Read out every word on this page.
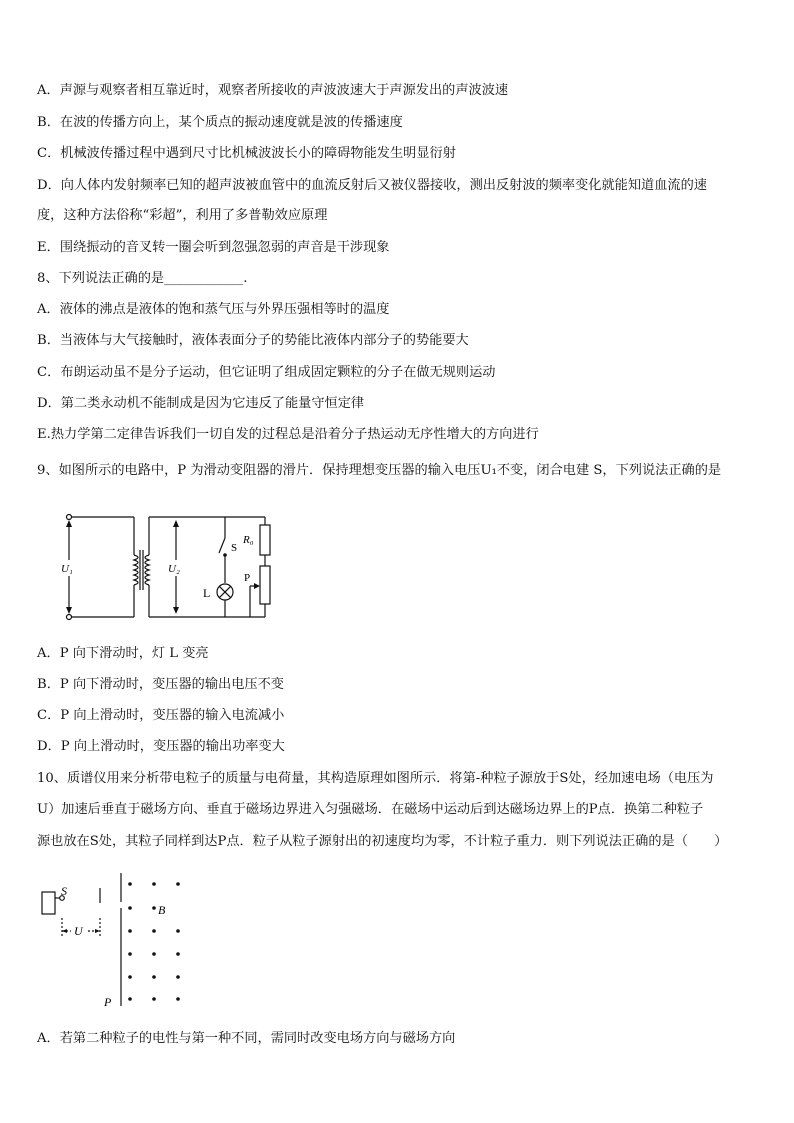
A．声源与观察者相互靠近时，观察者所接收的声波波速大于声源发出的声波波速
B．在波的传播方向上，某个质点的振动速度就是波的传播速度
C．机械波传播过程中遇到尺寸比机械波波长小的障碍物能发生明显衍射
D．向人体内发射频率已知的超声波被血管中的血流反射后又被仪器接收，测出反射波的频率变化就能知道血流的速
度，这种方法俗称“彩超”，利用了多普勒效应原理
E．围绕振动的音叉转一圈会听到忽强忽弱的声音是干涉现象
8、下列说法正确的是____________.
A．液体的沸点是液体的饱和蒸气压与外界压强相等时的温度
B．当液体与大气接触时，液体表面分子的势能比液体内部分子的势能要大
C．布朗运动虽不是分子运动，但它证明了组成固定颗粒的分子在做无规则运动
D．第二类永动机不能制成是因为它违反了能量守恒定律
E.热力学第二定律告诉我们一切自发的过程总是沿着分子热运动无序性增大的方向进行
9、如图所示的电路中，P 为滑动变阻器的滑片．保持理想变压器的输入电压U₁不变，闭合电建 S，下列说法正确的是
U₁	U₂
S
R₀
P
L
A．P 向下滑动时，灯 L 变亮
B．P 向下滑动时，变压器的输出电压不变
C．P 向上滑动时，变压器的输入电流减小
D．P 向上滑动时，变压器的输出功率变大
10、质谱仪用来分析带电粒子的质量与电荷量，其构造原理如图所示．将第-种粒子源放于S处，经加速电场（电压为
U）加速后垂直于磁场方向、垂直于磁场边界进入匀强磁场．在磁场中运动后到达磁场边界上的P点．换第二种粒子
源也放在S处，其粒子同样到达P点．粒子从粒子源射出的初速度均为零，不计粒子重力．则下列说法正确的是（　　）
S
U
B
P
A．若第二种粒子的电性与第一种不同，需同时改变电场方向与磁场方向
